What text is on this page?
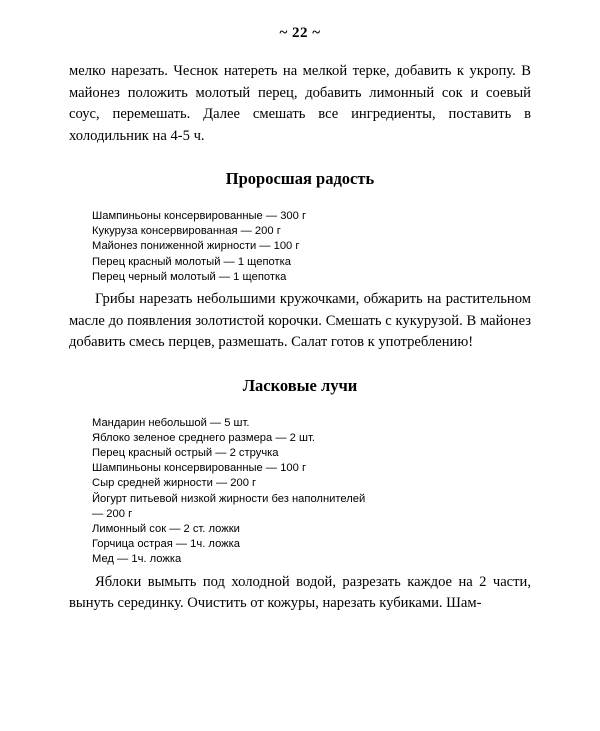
~ 22 ~

мелко нарезать. Чеснок натереть на мелкой терке, добавить к укропу. В майонез положить молотый перец, добавить лимонный сок и соевый соус, перемешать. Далее смешать все ингредиенты, поставить в холодильник на 4-5 ч.

Проросшая радость
Шампиньоны консервированные — 300 г
Кукуруза консервированная — 200 г
Майонез пониженной жирности — 100 г
Перец красный молотый — 1 щепотка
Перец черный молотый — 1 щепотка

Грибы нарезать небольшими кружочками, обжарить на растительном масле до появления золотистой корочки. Смешать с кукурузой. В майонез добавить смесь перцев, размешать. Салат готов к употреблению!

Ласковые лучи
Мандарин небольшой — 5 шт.
Яблоко зеленое среднего размера — 2 шт.
Перец красный острый — 2 стручка
Шампиньоны консервированные — 100 г
Сыр средней жирности — 200 г
Йогурт питьевой низкой жирности без наполнителей
— 200 г
Лимонный сок — 2 ст. ложки
Горчица острая — 1ч. ложка
Мед — 1ч. ложка

Яблоки вымыть под холодной водой, разрезать каждое на 2 части, вынуть серединку. Очистить от кожуры, нарезать кубиками. Шам-
